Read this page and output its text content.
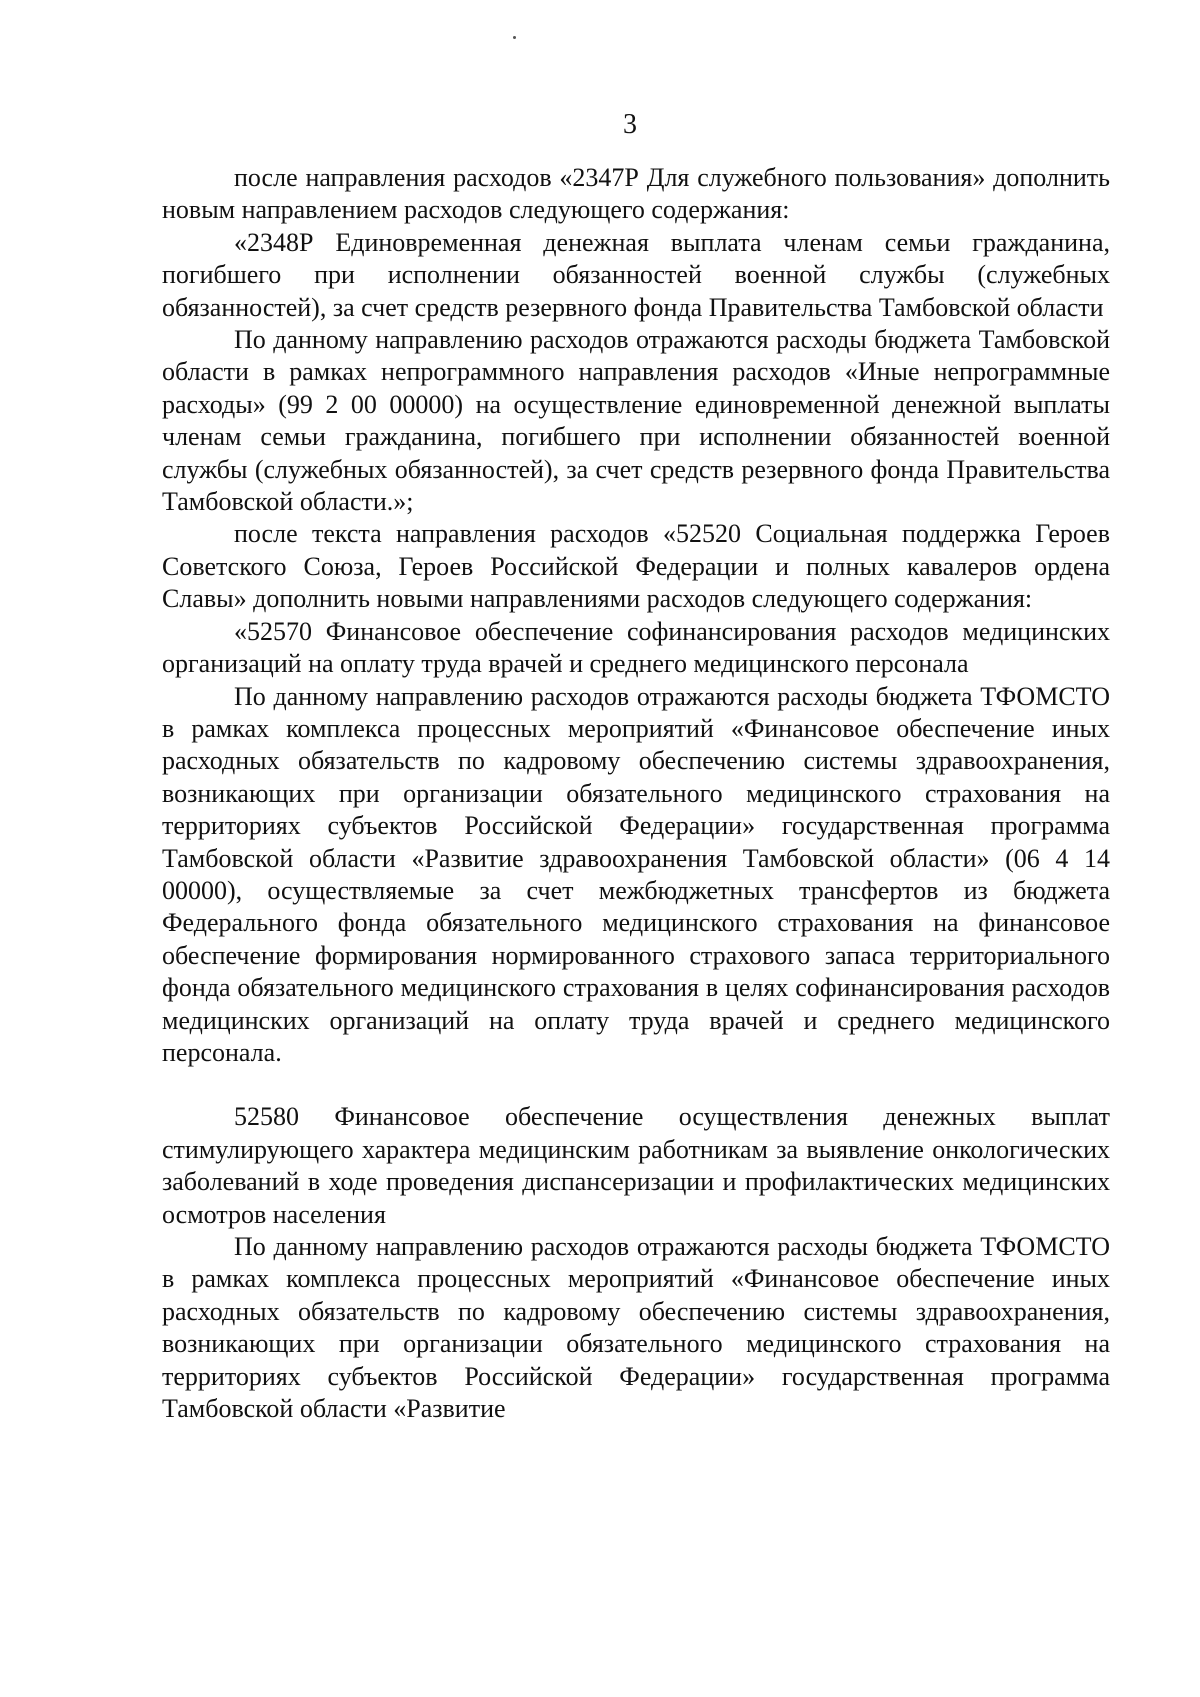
3

после направления расходов «2347Р Для служебного пользования» дополнить новым направлением расходов следующего содержания:

«2348Р Единовременная денежная выплата членам семьи гражданина, погибшего при исполнении обязанностей военной службы (служебных обязанностей), за счет средств резервного фонда Правительства Тамбовской области

По данному направлению расходов отражаются расходы бюджета Тамбовской области в рамках непрограммного направления расходов «Иные непрограммные расходы» (99 2 00 00000) на осуществление единовременной денежной выплаты членам семьи гражданина, погибшего при исполнении обязанностей военной службы (служебных обязанностей), за счет средств резервного фонда Правительства Тамбовской области.»;

после текста направления расходов «52520 Социальная поддержка Героев Советского Союза, Героев Российской Федерации и полных кавалеров ордена Славы» дополнить новыми направлениями расходов следующего содержания:

«52570 Финансовое обеспечение софинансирования расходов медицинских организаций на оплату труда врачей и среднего медицинского персонала

По данному направлению расходов отражаются расходы бюджета ТФОМСТО в рамках комплекса процессных мероприятий «Финансовое обеспечение иных расходных обязательств по кадровому обеспечению системы здравоохранения, возникающих при организации обязательного медицинского страхования на территориях субъектов Российской Федерации» государственная программа Тамбовской области «Развитие здравоохранения Тамбовской области» (06 4 14 00000), осуществляемые за счет межбюджетных трансфертов из бюджета Федерального фонда обязательного медицинского страхования на финансовое обеспечение формирования нормированного страхового запаса территориального фонда обязательного медицинского страхования в целях софинансирования расходов медицинских организаций на оплату труда врачей и среднего медицинского персонала.

52580 Финансовое обеспечение осуществления денежных выплат стимулирующего характера медицинским работникам за выявление онкологических заболеваний в ходе проведения диспансеризации и профилактических медицинских осмотров населения

По данному направлению расходов отражаются расходы бюджета ТФОМСТО в рамках комплекса процессных мероприятий «Финансовое обеспечение иных расходных обязательств по кадровому обеспечению системы здравоохранения, возникающих при организации обязательного медицинского страхования на территориях субъектов Российской Федерации» государственная программа Тамбовской области «Развитие
